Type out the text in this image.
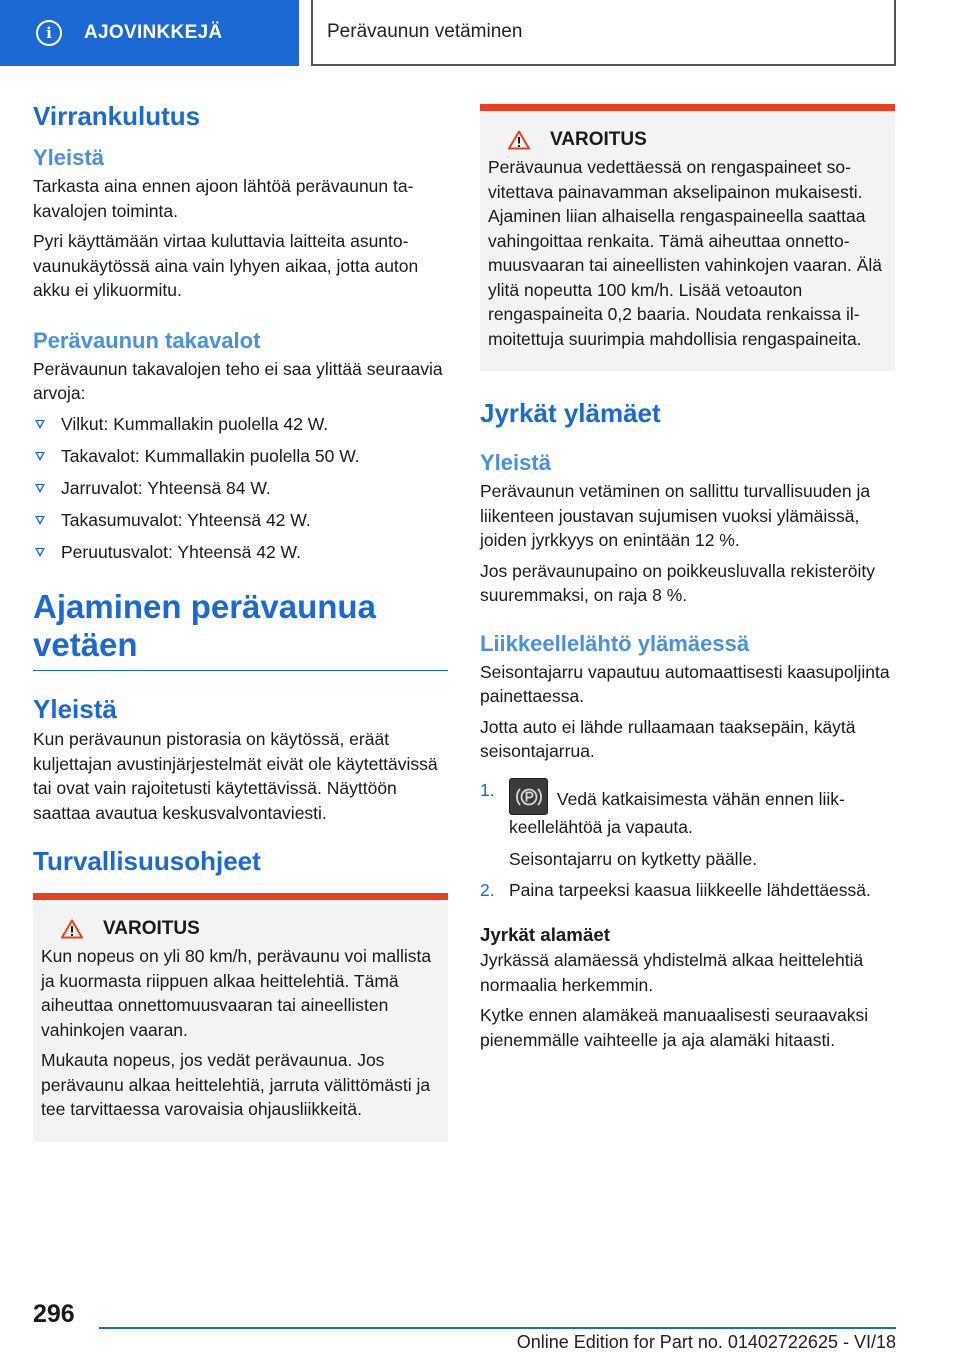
i	AJOVINKKEJÄ	Perävaunun vetäminen
Virrankulutus
Yleistä

Tarkasta aina ennen ajoon lähtöä perävaunun takavalojen toiminta.

Pyri käyttämään virtaa kuluttavia laitteita asuntovaunukäytössä aina vain lyhyen aikaa, jotta auton akku ei ylikuormitu.

Perävaunun takavalot

Perävaunun takavalojen teho ei saa ylittää seuraavia arvoja:

Vilkut: Kummallakin puolella 42 W.
Takavalot: Kummallakin puolella 50 W.
Jarruvalot: Yhteensä 84 W.
Takasumuvalot: Yhteensä 42 W.
Peruutusvalot: Yhteensä 42 W.
Ajaminen perävaunua vetäen
Yleistä

Kun perävaunun pistorasia on käytössä, eräät kuljettajan avustinjärjestelmät eivät ole käytettävissä tai ovat vain rajoitetusti käytettävissä. Näyttöön saattaa avautua keskusvalvontaviesti.

Turvallisuusohjeet
VAROITUS

Kun nopeus on yli 80 km/h, perävaunu voi mallista ja kuormasta riippuen alkaa heittelehtiä. Tämä aiheuttaa onnettomuusvaaran tai aineellisten vahinkojen vaaran.

Mukauta nopeus, jos vedät perävaunua. Jos perävaunu alkaa heittelehtiä, jarruta välittömästi ja tee tarvittaessa varovaisia ohjausliikkeitä.

VAROITUS

Perävaunua vedettäessä on rengaspaineet sovitettava painavamman akselipainon mukaisesti. Ajaminen liian alhaisella rengaspaineella saattaa vahingoittaa renkaita. Tämä aiheuttaa onnettomuusvaaran tai aineellisten vahinkojen vaaran. Älä ylitä nopeutta 100 km/h. Lisää vetoauton rengaspaineita 0,2 baaria. Noudata renkaissa ilmoitettuja suurimpia mahdollisia rengaspaineita.

Jyrkät ylämäet
Yleistä

Perävaunun vetäminen on sallittu turvallisuuden ja liikenteen joustavan sujumisen vuoksi ylämäissä, joiden jyrkkyys on enintään 12 %.

Jos perävaunupaino on poikkeusluvalla rekisteröity suuremmaksi, on raja 8 %.

Liikkeellelähtö ylämäessä

Seisontajarru vapautuu automaattisesti kaasupoljinta painettaessa.

Jotta auto ei lähde rullaamaan taaksepäin, käytä seisontajarrua.

1.	Vedä katkaisimesta vähän ennen liikkeellelähtöä ja vapauta.
Seisontajarru on kytketty päälle.
2. Paina tarpeeksi kaasua liikkeelle lähdettäessä.
Jyrkät alamäet

Jyrkässä alamäessä yhdistelmä alkaa heittelehtiä normaalia herkemmin.

Kytke ennen alamäkeä manuaalisesti seuraavaksi pienemmälle vaihteelle ja aja alamäki hitaasti.

296
Online Edition for Part no. 01402722625 - VI/18
